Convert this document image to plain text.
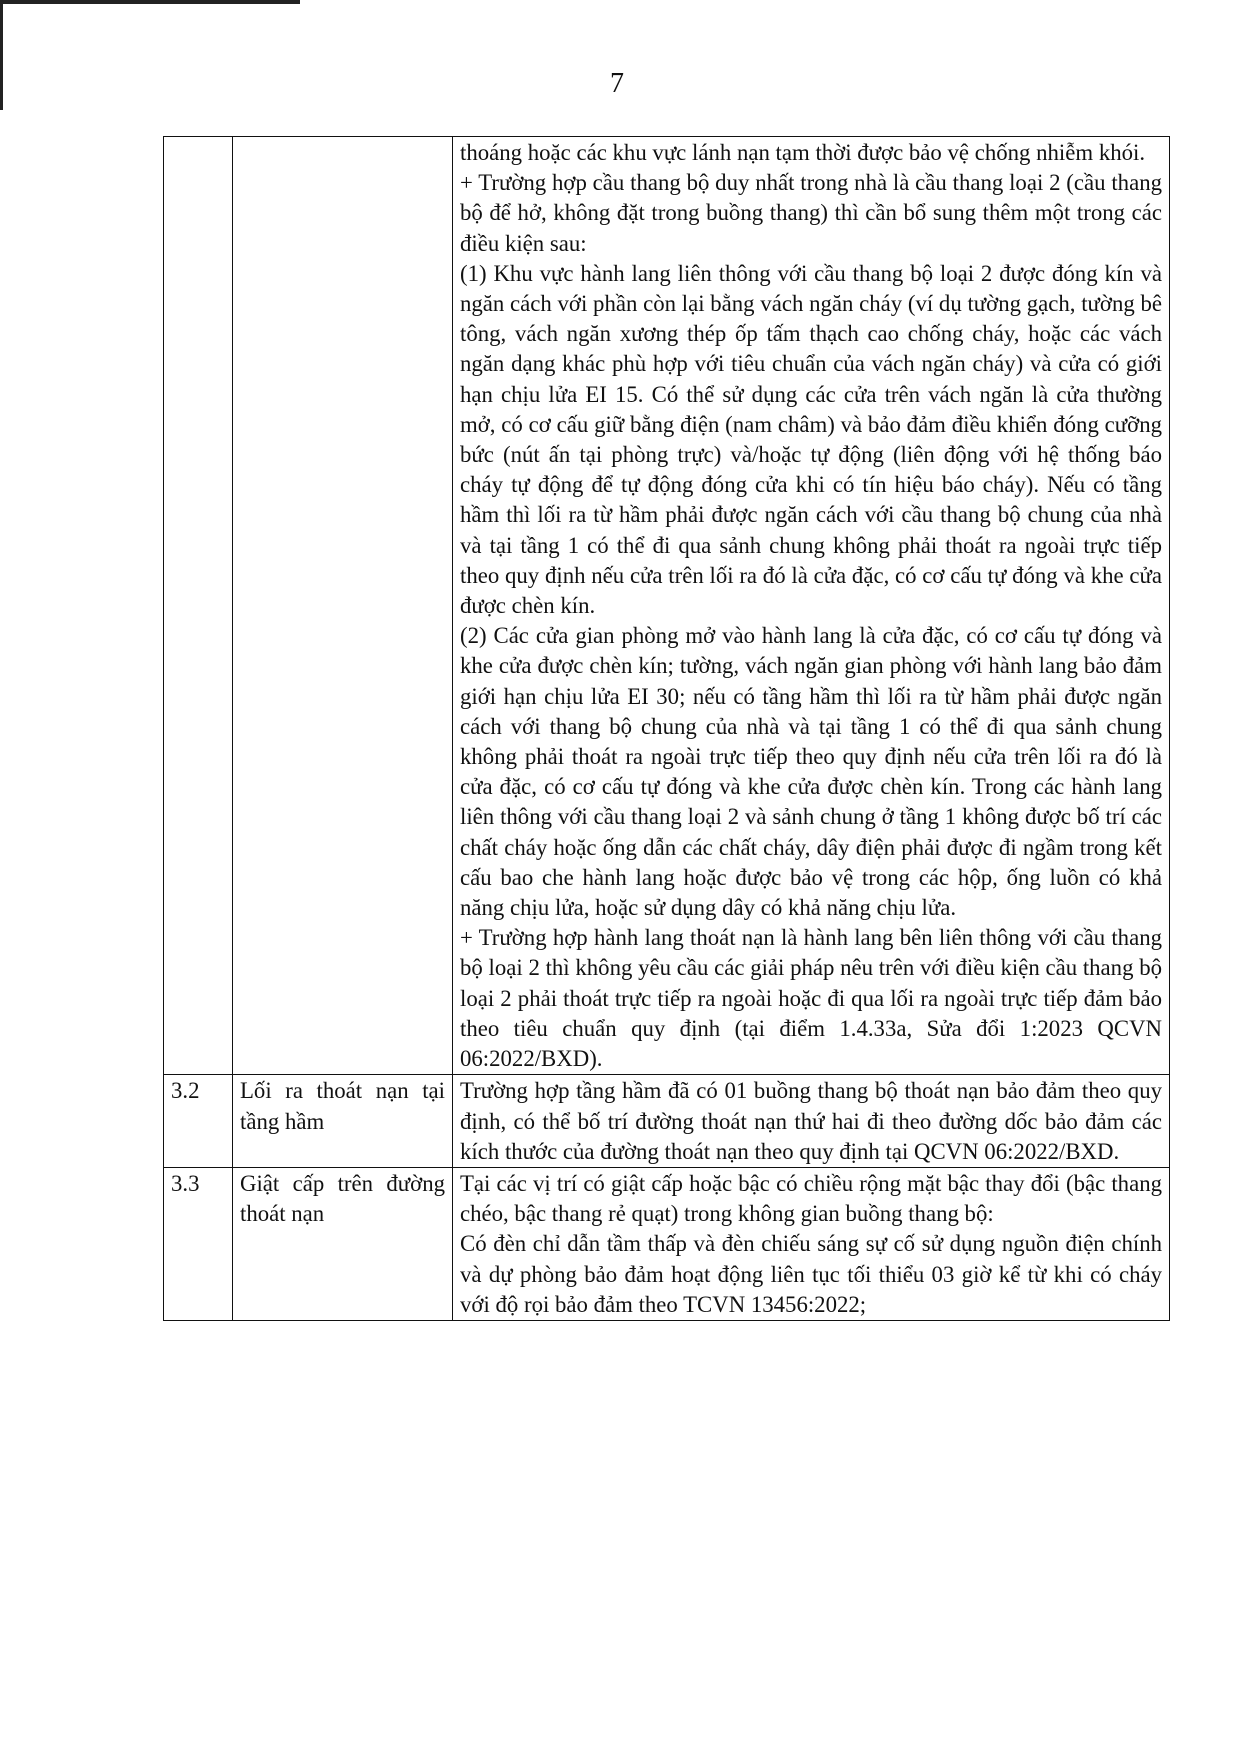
7

		thoáng hoặc các khu vực lánh nạn tạm thời được bảo vệ chống nhiễm khói.

+ Trường hợp cầu thang bộ duy nhất trong nhà là cầu thang loại 2 (cầu thang bộ để hở, không đặt trong buồng thang) thì cần bổ sung thêm một trong các điều kiện sau:

(1) Khu vực hành lang liên thông với cầu thang bộ loại 2 được đóng kín và ngăn cách với phần còn lại bằng vách ngăn cháy (ví dụ tường gạch, tường bê tông, vách ngăn xương thép ốp tấm thạch cao chống cháy, hoặc các vách ngăn dạng khác phù hợp với tiêu chuẩn của vách ngăn cháy) và cửa có giới hạn chịu lửa EI 15. Có thể sử dụng các cửa trên vách ngăn là cửa thường mở, có cơ cấu giữ bằng điện (nam châm) và bảo đảm điều khiển đóng cưỡng bức (nút ấn tại phòng trực) và/hoặc tự động (liên động với hệ thống báo cháy tự động để tự động đóng cửa khi có tín hiệu báo cháy). Nếu có tầng hầm thì lối ra từ hầm phải được ngăn cách với cầu thang bộ chung của nhà và tại tầng 1 có thể đi qua sảnh chung không phải thoát ra ngoài trực tiếp theo quy định nếu cửa trên lối ra đó là cửa đặc, có cơ cấu tự đóng và khe cửa được chèn kín.

(2) Các cửa gian phòng mở vào hành lang là cửa đặc, có cơ cấu tự đóng và khe cửa được chèn kín; tường, vách ngăn gian phòng với hành lang bảo đảm giới hạn chịu lửa EI 30; nếu có tầng hầm thì lối ra từ hầm phải được ngăn cách với thang bộ chung của nhà và tại tầng 1 có thể đi qua sảnh chung không phải thoát ra ngoài trực tiếp theo quy định nếu cửa trên lối ra đó là cửa đặc, có cơ cấu tự đóng và khe cửa được chèn kín. Trong các hành lang liên thông với cầu thang loại 2 và sảnh chung ở tầng 1 không được bố trí các chất cháy hoặc ống dẫn các chất cháy, dây điện phải được đi ngầm trong kết cấu bao che hành lang hoặc được bảo vệ trong các hộp, ống luồn có khả năng chịu lửa, hoặc sử dụng dây có khả năng chịu lửa.

+ Trường hợp hành lang thoát nạn là hành lang bên liên thông với cầu thang bộ loại 2 thì không yêu cầu các giải pháp nêu trên với điều kiện cầu thang bộ loại 2 phải thoát trực tiếp ra ngoài hoặc đi qua lối ra ngoài trực tiếp đảm bảo theo tiêu chuẩn quy định (tại điểm 1.4.33a, Sửa đổi 1:2023 QCVN 06:2022/BXD).

3.2	Lối ra thoát nạn tại tầng hầm	Trường hợp tầng hầm đã có 01 buồng thang bộ thoát nạn bảo đảm theo quy định, có thể bố trí đường thoát nạn thứ hai đi theo đường dốc bảo đảm các kích thước của đường thoát nạn theo quy định tại QCVN 06:2022/BXD.

3.3	Giật cấp trên đường thoát nạn	Tại các vị trí có giật cấp hoặc bậc có chiều rộng mặt bậc thay đổi (bậc thang chéo, bậc thang rẻ quạt) trong không gian buồng thang bộ:

Có đèn chỉ dẫn tầm thấp và đèn chiếu sáng sự cố sử dụng nguồn điện chính và dự phòng bảo đảm hoạt động liên tục tối thiểu 03 giờ kể từ khi có cháy với độ rọi bảo đảm theo TCVN 13456:2022;
